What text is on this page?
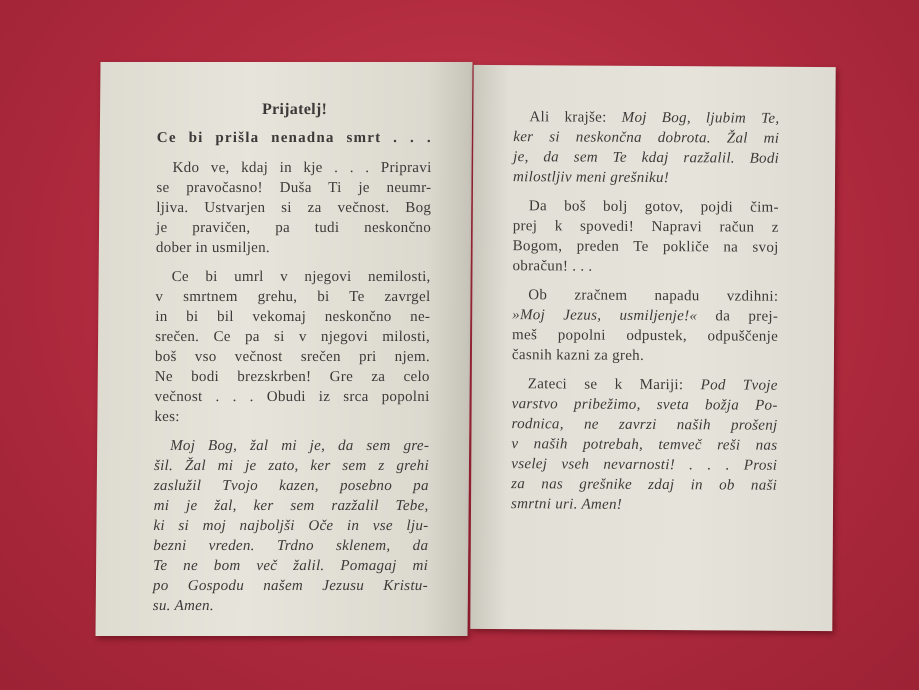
Prijatelj!
Ce bi prišla nenadna smrt . . .
Kdo ve, kdaj in kje . . . Pripravi
se pravočasno! Duša Ti je neumr-
ljiva. Ustvarjen si za večnost. Bog
je pravičen, pa tudi neskončno
dober in usmiljen.
Ce bi umrl v njegovi nemilosti,
v smrtnem grehu, bi Te zavrgel
in bi bil vekomaj neskončno ne-
srečen. Ce pa si v njegovi milosti,
boš vso večnost srečen pri njem.
Ne bodi brezskrben! Gre za celo
večnost . . . Obudi iz srca popolni
kes:
Moj Bog, žal mi je, da sem gre-
šil. Žal mi je zato, ker sem z grehi
zaslužil Tvojo kazen, posebno pa
mi je žal, ker sem razžalil Tebe,
ki si moj najboljši Oče in vse lju-
bezni vreden. Trdno sklenem, da
Te ne bom več žalil. Pomagaj mi
po Gospodu našem Jezusu Kristu-
su. Amen.
Ali krajše: Moj Bog, ljubim Te,
ker si neskončna dobrota. Žal mi
je, da sem Te kdaj razžalil. Bodi
milostljiv meni grešniku!
Da boš bolj gotov, pojdi čim-
prej k spovedi! Napravi račun z
Bogom, preden Te pokliče na svoj
obračun! . . .
Ob zračnem napadu vzdihni:
»Moj Jezus, usmiljenje!« da prej-
meš popolni odpustek, odpuščenje
časnih kazni za greh.
Zateci se k Mariji: Pod Tvoje
varstvo pribežimo, sveta božja Po-
rodnica, ne zavrzi naših prošenj
v naših potrebah, temveč reši nas
vselej vseh nevarnosti! . . . Prosi
za nas grešnike zdaj in ob naši
smrtni uri. Amen!
